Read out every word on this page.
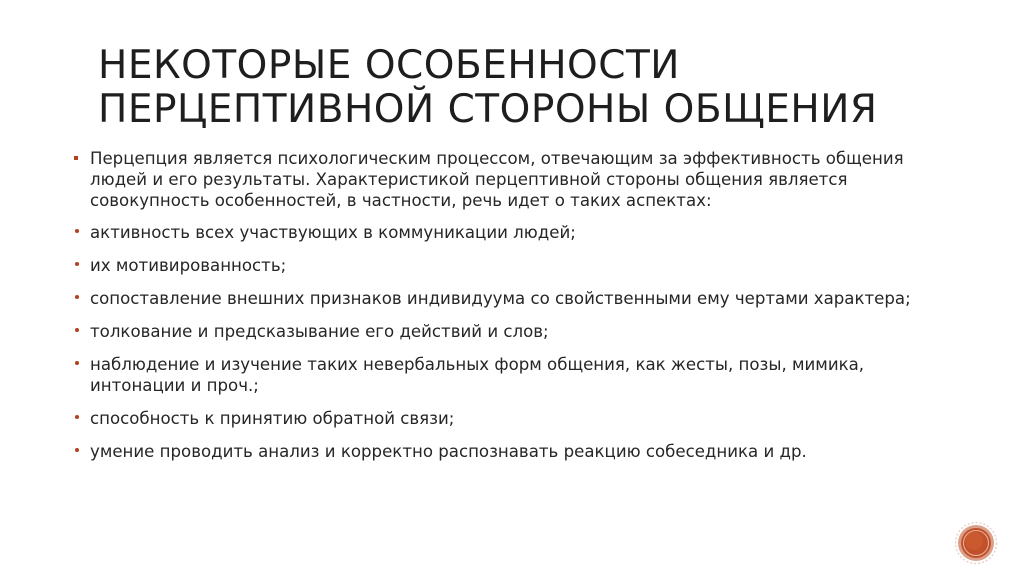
НЕКОТОРЫЕ ОСОБЕННОСТИ
ПЕРЦЕПТИВНОЙ СТОРОНЫ ОБЩЕНИЯ
Перцепция является психологическим процессом, отвечающим за эффективность общения людей и его результаты. Характеристикой перцептивной стороны общения является совокупность особенностей, в частности, речь идет о таких аспектах:
активность всех участвующих в коммуникации людей;
их мотивированность;
сопоставление внешних признаков индивидуума со свойственными ему чертами характера;
толкование и предсказывание его действий и слов;
наблюдение и изучение таких невербальных форм общения, как жесты, позы, мимика, интонации и проч.;
способность к принятию обратной связи;
умение проводить анализ и корректно распознавать реакцию собеседника и др.
